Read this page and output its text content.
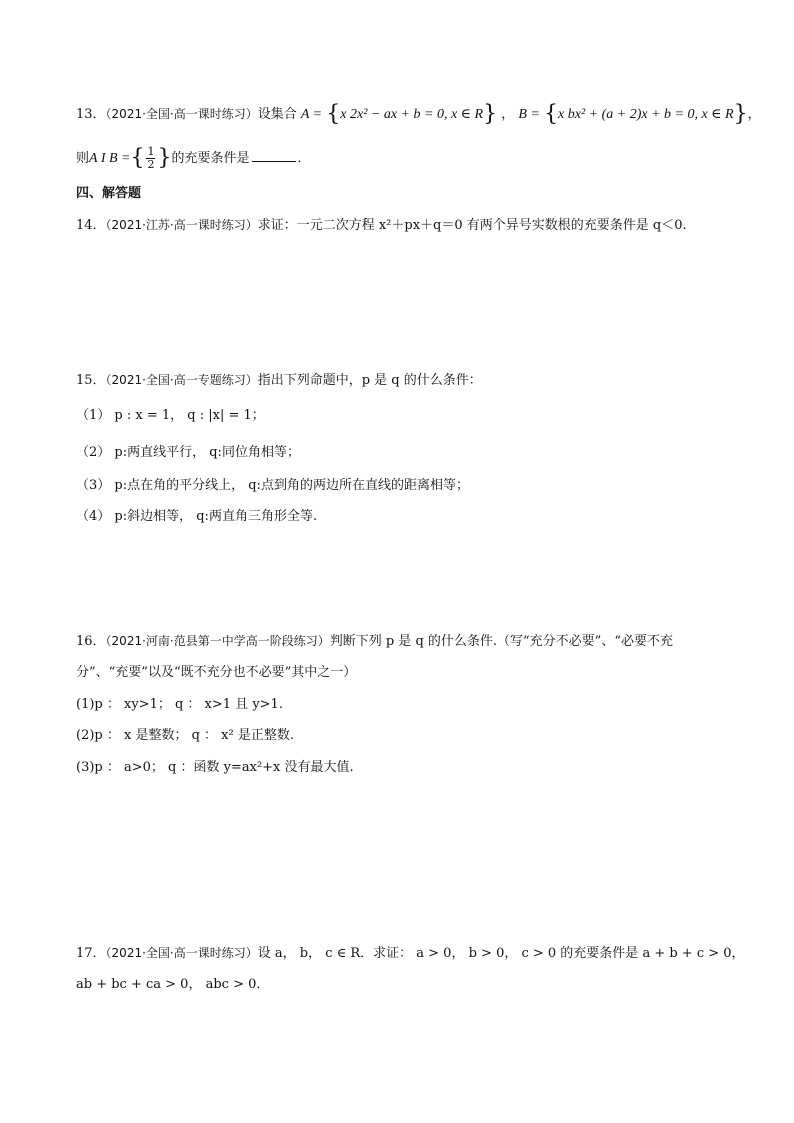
13．（2021·全国·高一课时练习）设集合 A = {x 2x² − ax + b = 0, x ∈ R} ， B = {x bx² + (a + 2)x + b = 0, x ∈ R}，
则A I B ={ $\frac{1}{2}$ }的充要条件是	．
四、解答题
14．（2021·江苏·高一课时练习）求证：一元二次方程 x²＋px＋q＝0 有两个异号实数根的充要条件是 q＜0.
15．（2021·全国·高一专题练习）指出下列命题中，p 是 q 的什么条件：
（1） p : x = 1， q : |x| = 1；
（2） p:两直线平行， q:同位角相等；
（3） p:点在角的平分线上， q:点到角的两边所在直线的距离相等；
（4） p:斜边相等， q:两直角三角形全等.
16．（2021·河南·范县第一中学高一阶段练习）判断下列 p 是 q 的什么条件.（写“充分不必要”、“必要不充
分”、“充要”以及“既不充分也不必要”其中之一）
(1)p ： xy>1； q ： x>1 且 y>1.
(2)p ： x 是整数； q ： x² 是正整数.
(3)p ： a>0； q ：函数 y=ax²+x 没有最大值.
17．（2021·全国·高一课时练习）设 a， b， c ∈ R．求证： a > 0， b > 0， c > 0 的充要条件是 a + b + c > 0，
ab + bc + ca > 0， abc > 0．
